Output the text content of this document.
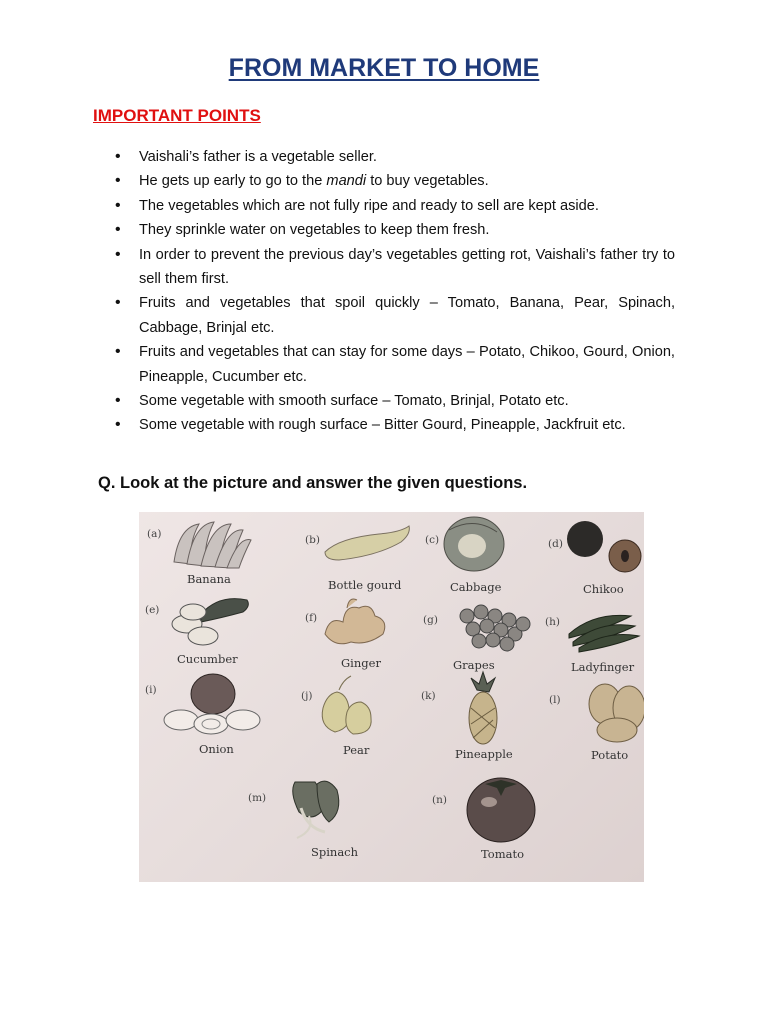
FROM MARKET TO HOME
IMPORTANT POINTS
• Vaishali’s father is a vegetable seller.
• He gets up early to go to the mandi to buy vegetables.
• The vegetables which are not fully ripe and ready to sell are kept aside.
• They sprinkle water on vegetables to keep them fresh.
• In order to prevent the previous day’s vegetables getting rot, Vaishali’s father try to sell them first.
• Fruits and vegetables that spoil quickly – Tomato, Banana, Pear, Spinach, Cabbage, Brinjal etc.
• Fruits and vegetables that can stay for some days – Potato, Chikoo, Gourd, Onion, Pineapple, Cucumber etc.
• Some vegetable with smooth surface – Tomato, Brinjal, Potato etc.
• Some vegetable with rough surface – Bitter Gourd, Pineapple, Jackfruit etc.
Q. Look at the picture and answer the given questions.
(a)
Banana
(b)
Bottle gourd
(c)
Cabbage
(d)
Chikoo
(e)
Cucumber
(f)
Ginger
(g)
Grapes
(h)
Ladyfinger
(i)
Onion
(j)
Pear
(k)
Pineapple
(l)
Potato
(m)
Spinach
(n)
Tomato
